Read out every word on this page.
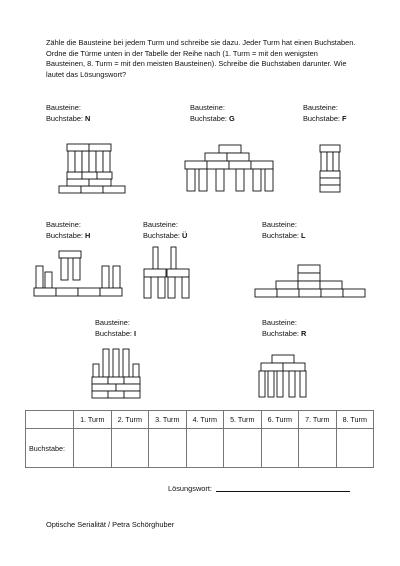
Zähle die Bausteine bei jedem Turm und schreibe sie dazu. Jeder Turm hat einen Buchstaben. Ordne die Türme unten in der Tabelle der Reihe nach (1. Turm = mit den wenigsten Bausteinen, 8. Turm = mit den meisten Bausteinen). Schreibe die Buchstaben darunter. Wie lautet das Lösungswort?
Bausteine:
Buchstabe: N
Bausteine:
Buchstabe: G
Bausteine:
Buchstabe: F
Bausteine:
Buchstabe: H
Bausteine:
Buchstabe: Ü
Bausteine:
Buchstabe: L
Bausteine:
Buchstabe: I
Bausteine:
Buchstabe: R
	1. Turm	2. Turm	3. Turm	4. Turm	5. Turm	6. Turm	7. Turm	8. Turm
Buchstabe:								
Lösungswort:
Optische Serialität / Petra Schörghuber
